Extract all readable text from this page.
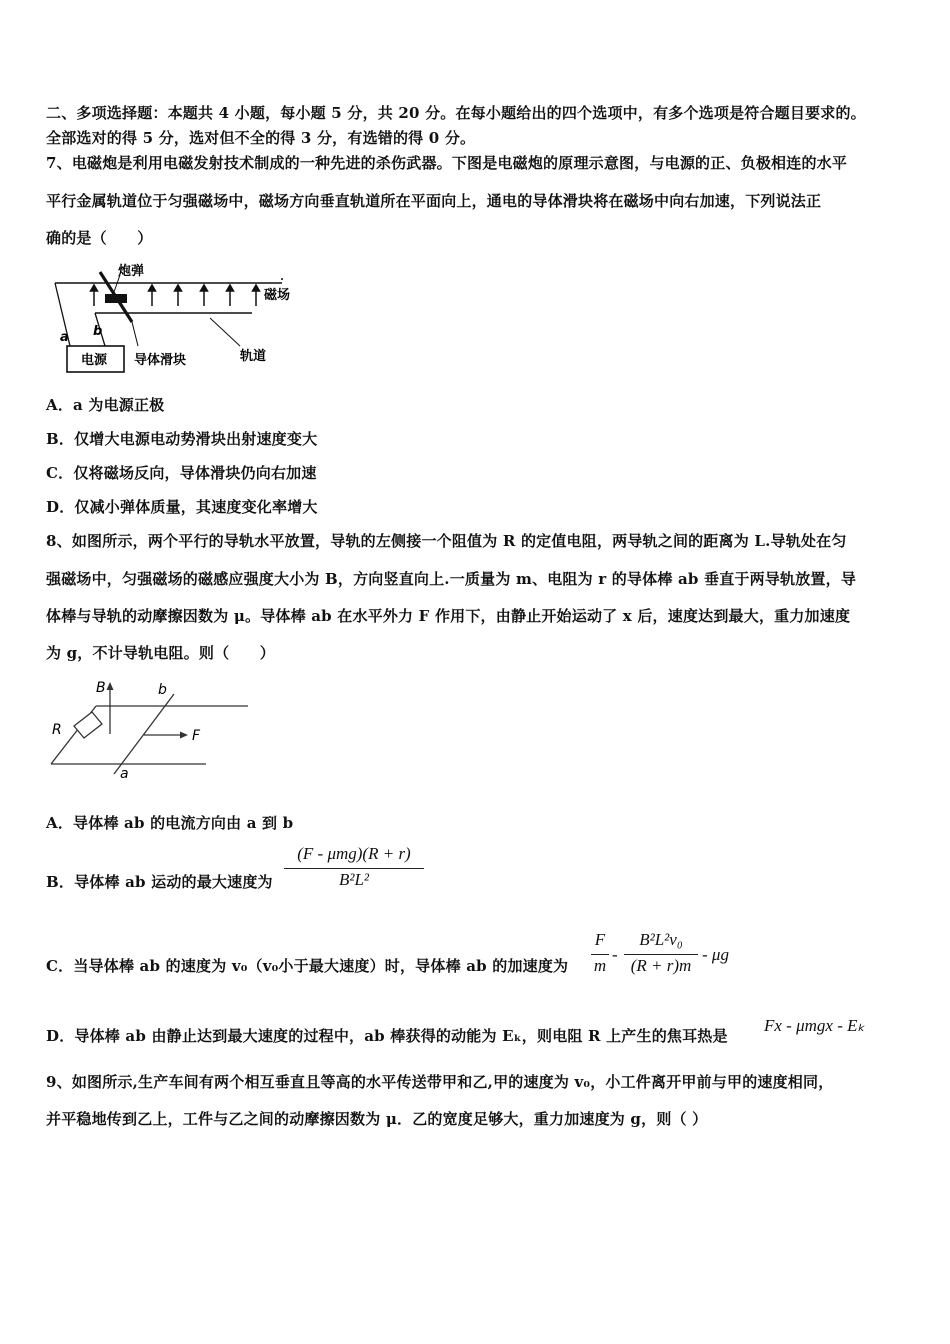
二、多项选择题：本题共 4 小题，每小题 5 分，共 20 分。在每小题给出的四个选项中，有多个选项是符合题目要求的。

全部选对的得 5 分，选对但不全的得 3 分，有选错的得 0 分。

7、电磁炮是利用电磁发射技术制成的一种先进的杀伤武器。下图是电磁炮的原理示意图，与电源的正、负极相连的水平

平行金属轨道位于匀强磁场中，磁场方向垂直轨道所在平面向上，通电的导体滑块将在磁场中向右加速，下列说法正

确的是（　　）

炮弹
磁场
a b
电源 导体滑块	轨道

A．a 为电源正极

B．仅增大电源电动势滑块出射速度变大

C．仅将磁场反向，导体滑块仍向右加速

D．仅减小弹体质量，其速度变化率增大

8、如图所示，两个平行的导轨水平放置，导轨的左侧接一个阻值为 R 的定值电阻，两导轨之间的距离为 L.导轨处在匀

强磁场中，匀强磁场的磁感应强度大小为 B，方向竖直向上.一质量为 m、电阻为 r 的导体棒 ab 垂直于两导轨放置，导

体棒与导轨的动摩擦因数为 μ。导体棒 ab 在水平外力 F 作用下，由静止开始运动了 x 后，速度达到最大，重力加速度

为 g，不计导轨电阻。则（　　）

B	b
R	F
a

A．导体棒 ab 的电流方向由 a 到 b

B．导体棒 ab 运动的最大速度为

(F - μmg)(R + r)
B²L²

C．当导体棒 ab 的速度为 v₀（v₀小于最大速度）时，导体棒 ab 的加速度为

F
m
-
B²L²v₀
(R + r)m
- μg

D．导体棒 ab 由静止达到最大速度的过程中，ab 棒获得的动能为 Eₖ，则电阻 R 上产生的焦耳热是

Fx - μmgx - Eₖ

9、如图所示,生产车间有两个相互垂直且等高的水平传送带甲和乙,甲的速度为 v₀，小工件离开甲前与甲的速度相同，

并平稳地传到乙上，工件与乙之间的动摩擦因数为 μ．乙的宽度足够大，重力加速度为 g，则（ ）
